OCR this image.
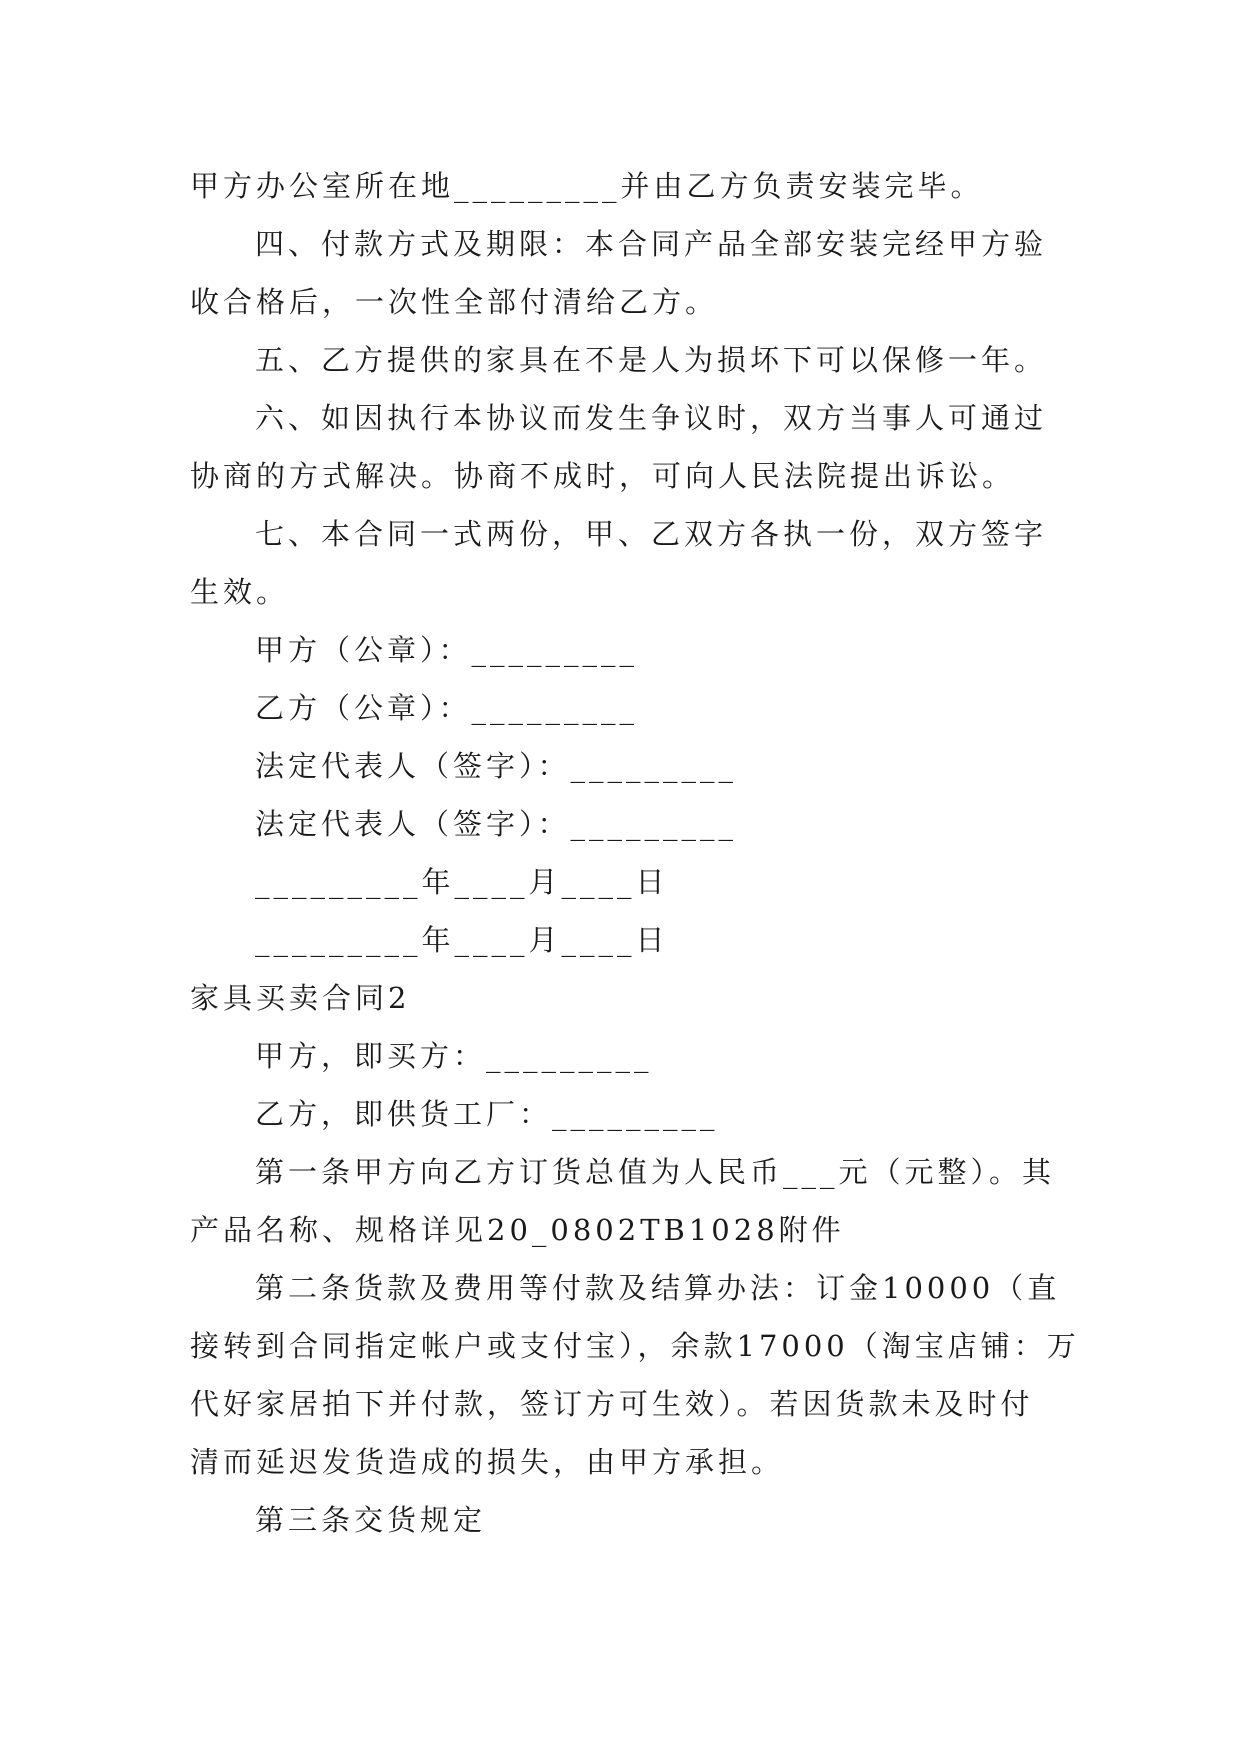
甲方办公室所在地_________并由乙方负责安装完毕。
四、付款方式及期限：本合同产品全部安装完经甲方验
收合格后，一次性全部付清给乙方。
五、乙方提供的家具在不是人为损坏下可以保修一年。
六、如因执行本协议而发生争议时，双方当事人可通过
协商的方式解决。协商不成时，可向人民法院提出诉讼。
七、本合同一式两份，甲、乙双方各执一份，双方签字
生效。
甲方（公章）：_________
乙方（公章）：_________
法定代表人（签字）：_________
法定代表人（签字）：_________
_________年____月____日
_________年____月____日
家具买卖合同2
甲方，即买方：_________
乙方，即供货工厂：_________
第一条甲方向乙方订货总值为人民币___元（元整）。其
产品名称、规格详见20_0802TB1028附件
第二条货款及费用等付款及结算办法：订金10000（直
接转到合同指定帐户或支付宝），余款17000（淘宝店铺：万
代好家居拍下并付款，签订方可生效）。若因货款未及时付
清而延迟发货造成的损失，由甲方承担。
第三条交货规定
